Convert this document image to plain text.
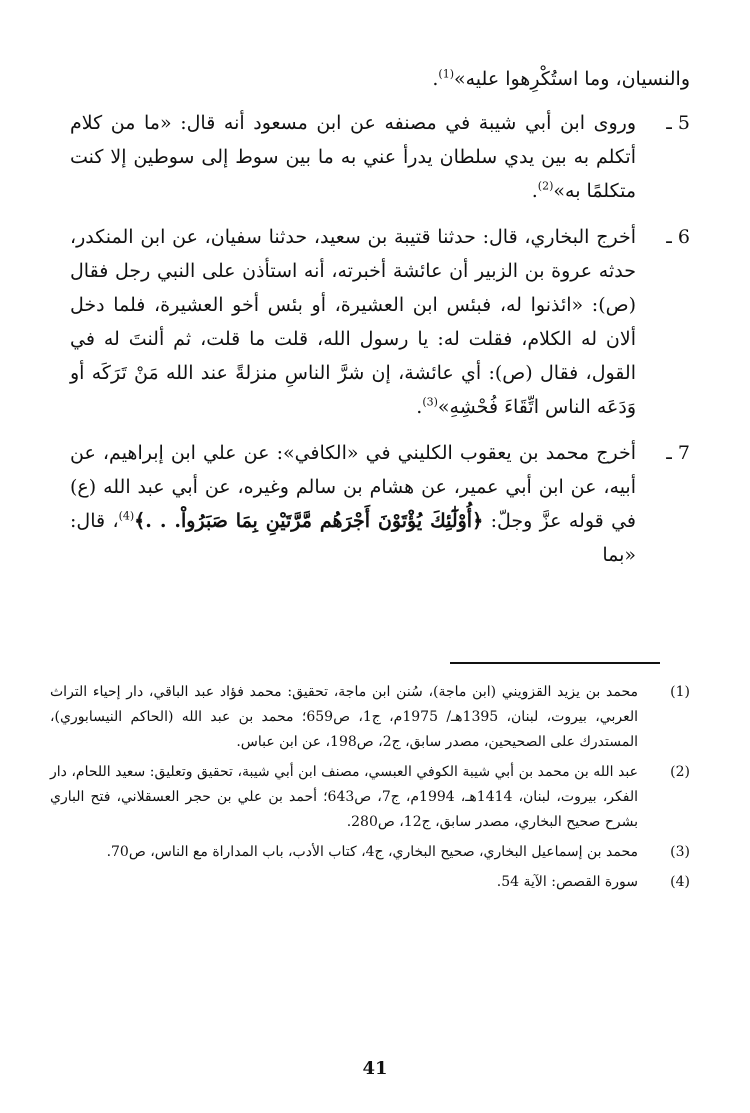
والنسيان، وما استُكْرِهوا عليه»$^{(1)}$.

5 ـ
وروى ابن أبي شيبة في مصنفه عن ابن مسعود أنه قال: «ما من كلام أتكلم به بين يدي سلطان يدرأ عني به ما بين سوط إلى سوطين إلا كنت متكلمًا به»$^{(2)}$.
6 ـ
أخرج البخاري، قال: حدثنا قتيبة بن سعيد، حدثنا سفيان، عن ابن المنكدر، حدثه عروة بن الزبير أن عائشة أخبرته، أنه استأذن على النبي رجل فقال (ص): «ائذنوا له، فبئس ابن العشيرة، أو بئس أخو العشيرة، فلما دخل ألان له الكلام، فقلت له: يا رسول الله، قلت ما قلت، ثم ألنتَ له في القول، فقال (ص): أي عائشة، إن شرَّ الناسِ منزلةً عند الله مَنْ تَرَكَه أو وَدَعَه الناس اتِّقَاءَ فُحْشِهِ»$^{(3)}$.
7 ـ
أخرج محمد بن يعقوب الكليني في «الكافي»: عن علي ابن إبراهيم، عن أبيه، عن ابن أبي عمير، عن هشام بن سالم وغيره، عن أبي عبد الله (ع) في قوله عزَّ وجلّ: ﴿أُوْلَٰٓئِكَ يُؤْتَوْنَ أَجْرَهُم مَّرَّتَيْنِ بِمَا صَبَرُواْ. . .﴾$^{(4)}$، قال: «بما
(1)
محمد بن يزيد القزويني (ابن ماجة)، سُنن ابن ماجة، تحقيق: محمد فؤاد عبد الباقي، دار إحياء التراث العربي، بيروت، لبنان، 1395هـ/ 1975م، ج1، ص659؛ محمد بن عبد الله (الحاكم النيسابوري)، المستدرك على الصحيحين، مصدر سابق، ج2، ص198، عن ابن عباس.
(2)
عبد الله بن محمد بن أبي شيبة الكوفي العبسي، مصنف ابن أبي شيبة، تحقيق وتعليق: سعيد اللحام، دار الفكر، بيروت، لبنان، 1414هـ، 1994م، ج7، ص643؛ أحمد بن علي بن حجر العسقلاني، فتح الباري بشرح صحيح البخاري، مصدر سابق، ج12، ص280.
(3)
محمد بن إسماعيل البخاري، صحيح البخاري، ج4، كتاب الأدب، باب المداراة مع الناس، ص70.
(4)
سورة القصص: الآية 54.
41
